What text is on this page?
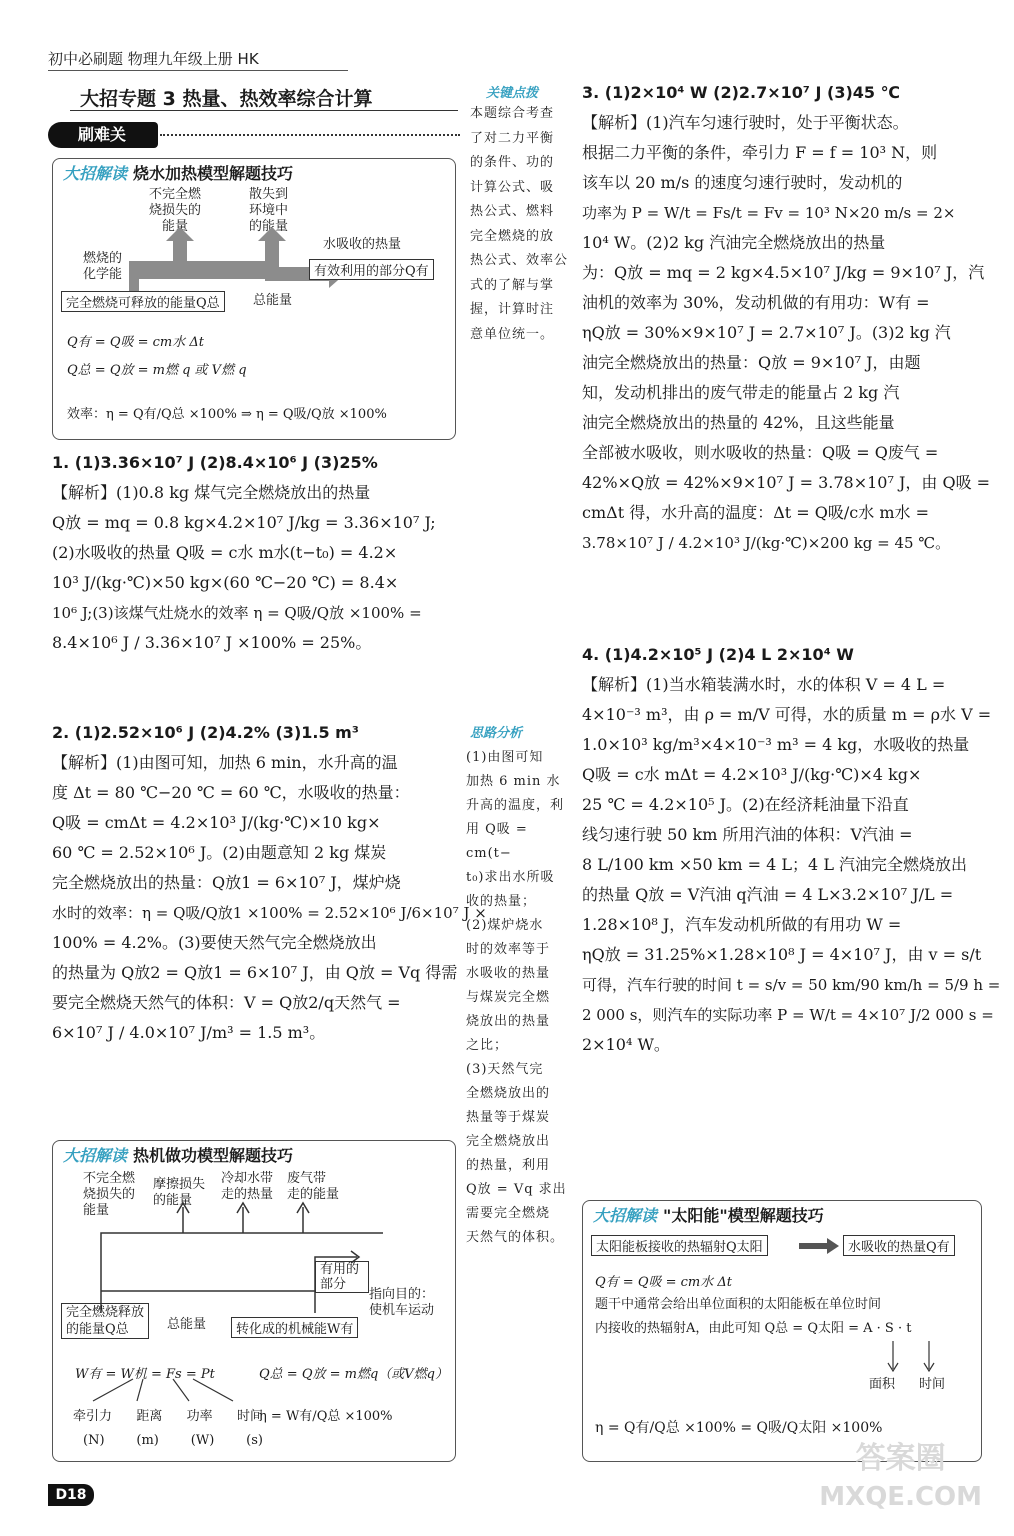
初中必刷题 物理九年级上册 HK
大招专题 3 热量、热效率综合计算
刷难关
大招解读 烧水加热模型解题技巧
不完全燃
烧损失的
能量
散失到
环境中
的能量
燃烧的
化学能
水吸收的热量
有效利用的部分Q有
完全燃烧可释放的能量Q总	总能量
Q有 = Q吸 = cm水 Δt
Q总 = Q放 = m燃 q 或 V燃 q
效率：η = Q有/Q总 ×100% ⇒ η = Q吸/Q放 ×100%
1. (1)3.36×10⁷ J (2)8.4×10⁶ J (3)25%
【解析】(1)0.8 kg 煤气完全燃烧放出的热量
Q放 = mq = 0.8 kg×4.2×10⁷ J/kg = 3.36×10⁷ J;
(2)水吸收的热量 Q吸 = c水 m水(t−t₀) = 4.2×
10³ J/(kg·℃)×50 kg×(60 ℃−20 ℃) = 8.4×
10⁶ J;(3)该煤气灶烧水的效率 η = Q吸/Q放 ×100% =
8.4×10⁶ J / 3.36×10⁷ J ×100% = 25%。
2. (1)2.52×10⁶ J (2)4.2% (3)1.5 m³
【解析】(1)由图可知，加热 6 min，水升高的温
度 Δt = 80 ℃−20 ℃ = 60 ℃，水吸收的热量：
Q吸 = cmΔt = 4.2×10³ J/(kg·℃)×10 kg×
60 ℃ = 2.52×10⁶ J。(2)由题意知 2 kg 煤炭
完全燃烧放出的热量：Q放1 = 6×10⁷ J，煤炉烧
水时的效率：η = Q吸/Q放1 ×100% = 2.52×10⁶ J/6×10⁷ J ×
100% = 4.2%。(3)要使天然气完全燃烧放出
的热量为 Q放2 = Q放1 = 6×10⁷ J，由 Q放 = Vq 得需
要完全燃烧天然气的体积：V = Q放2/q天然气 =
6×10⁷ J / 4.0×10⁷ J/m³ = 1.5 m³。
大招解读 热机做功模型解题技巧
不完全燃
烧损失的
能量
摩擦损失
的能量
冷却水带
走的热量
废气带
走的能量
有用的
部分
指向目的：
使机车运动
完全燃烧释放
的能量Q总	总能量	转化成的机械能W有
W有 = W机 = Fs = Pt	Q总 = Q放 = m燃q（或V燃q）
η = W有/Q总 ×100%
牵引力 距离 功率 时间
(N) (m) (W) (s)
关键点拨
本题综合考查
了对二力平衡
的条件、功的
计算公式、吸
热公式、燃料
完全燃烧的放
热公式、效率公
式的了解与掌
握，计算时注
意单位统一。
思路分析
(1)由图可知
加热 6 min 水
升高的温度，利
用 Q吸 = cm(t−
t₀)求出水所吸
收的热量；
(2)煤炉烧水
时的效率等于
水吸收的热量
与煤炭完全燃
烧放出的热量
之比；
(3)天然气完
全燃烧放出的
热量等于煤炭
完全燃烧放出
的热量，利用
Q放 = Vq 求出
需要完全燃烧
天然气的体积。
3. (1)2×10⁴ W (2)2.7×10⁷ J (3)45 ℃
【解析】(1)汽车匀速行驶时，处于平衡状态。
根据二力平衡的条件，牵引力 F = f = 10³ N，则
该车以 20 m/s 的速度匀速行驶时，发动机的
功率为 P = W/t = Fs/t = Fv = 10³ N×20 m/s = 2×
10⁴ W。(2)2 kg 汽油完全燃烧放出的热量
为：Q放 = mq = 2 kg×4.5×10⁷ J/kg = 9×10⁷ J，汽
油机的效率为 30%，发动机做的有用功：W有 =
ηQ放 = 30%×9×10⁷ J = 2.7×10⁷ J。(3)2 kg 汽
油完全燃烧放出的热量：Q放 = 9×10⁷ J，由题
知，发动机排出的废气带走的能量占 2 kg 汽
油完全燃烧放出的热量的 42%，且这些能量
全部被水吸收，则水吸收的热量：Q吸 = Q废气 =
42%×Q放 = 42%×9×10⁷ J = 3.78×10⁷ J，由 Q吸 =
cmΔt 得，水升高的温度：Δt = Q吸/c水 m水 =
3.78×10⁷ J / 4.2×10³ J/(kg·℃)×200 kg = 45 ℃。
4. (1)4.2×10⁵ J (2)4 L 2×10⁴ W
【解析】(1)当水箱装满水时，水的体积 V = 4 L =
4×10⁻³ m³，由 ρ = m/V 可得，水的质量 m = ρ水 V =
1.0×10³ kg/m³×4×10⁻³ m³ = 4 kg，水吸收的热量
Q吸 = c水 mΔt = 4.2×10³ J/(kg·℃)×4 kg×
25 ℃ = 4.2×10⁵ J。(2)在经济耗油量下沿直
线匀速行驶 50 km 所用汽油的体积：V汽油 =
8 L/100 km ×50 km = 4 L；4 L 汽油完全燃烧放出
的热量 Q放 = V汽油 q汽油 = 4 L×3.2×10⁷ J/L =
1.28×10⁸ J，汽车发动机所做的有用功 W =
ηQ放 = 31.25%×1.28×10⁸ J = 4×10⁷ J，由 v = s/t
可得，汽车行驶的时间 t = s/v = 50 km/90 km/h = 5/9 h =
2 000 s，则汽车的实际功率 P = W/t = 4×10⁷ J/2 000 s =
2×10⁴ W。
大招解读 "太阳能"模型解题技巧
太阳能板接收的热辐射Q太阳	水吸收的热量Q有
Q有 = Q吸 = cm水 Δt
题干中通常会给出单位面积的太阳能板在单位时间
内接收的热辐射A，由此可知 Q总 = Q太阳 = A · S · t
面积 时间
η = Q有/Q总 ×100% = Q吸/Q太阳 ×100%
D18
答案圈
MXQE.COM
